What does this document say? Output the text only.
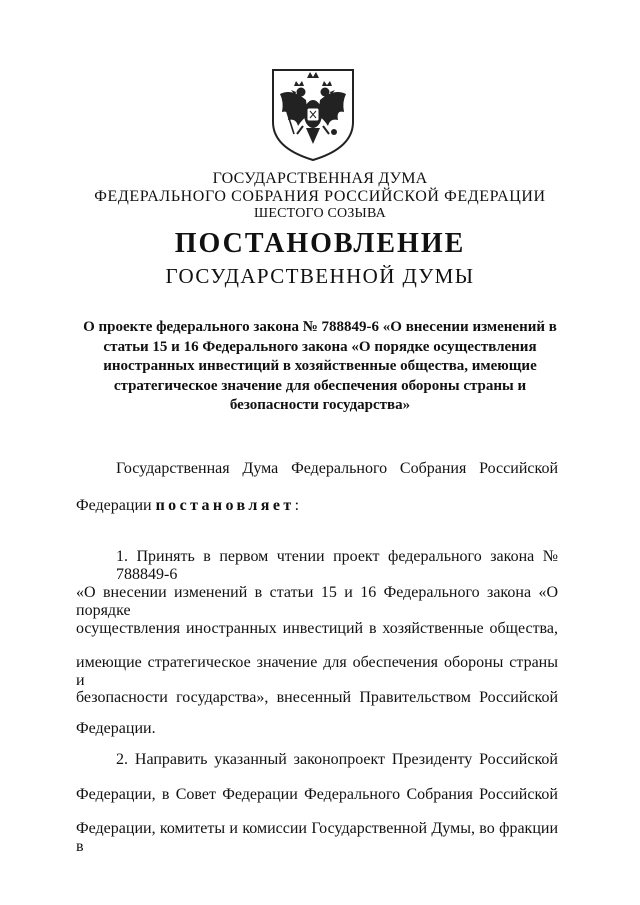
ГОСУДАРСТВЕННАЯ ДУМА
ФЕДЕРАЛЬНОГО СОБРАНИЯ РОССИЙСКОЙ ФЕДЕРАЦИИ
ШЕСТОГО СОЗЫВА
ПОСТАНОВЛЕНИЕ
ГОСУДАРСТВЕННОЙ ДУМЫ
О проекте федерального закона № 788849-6 «О внесении изменений в
статьи 15 и 16 Федерального закона «О порядке осуществления
иностранных инвестиций в хозяйственные общества, имеющие
стратегическое значение для обеспечения обороны страны и
безопасности государства»
Государственная Дума Федерального Собрания Российской
Федерации постановляет:
1. Принять в первом чтении проект федерального закона № 788849-6
«О внесении изменений в статьи 15 и 16 Федерального закона «О порядке
осуществления иностранных инвестиций в хозяйственные общества,
имеющие стратегическое значение для обеспечения обороны страны и
безопасности государства», внесенный Правительством Российской
Федерации.
2. Направить указанный законопроект Президенту Российской
Федерации, в Совет Федерации Федерального Собрания Российской
Федерации, комитеты и комиссии Государственной Думы, во фракции в
